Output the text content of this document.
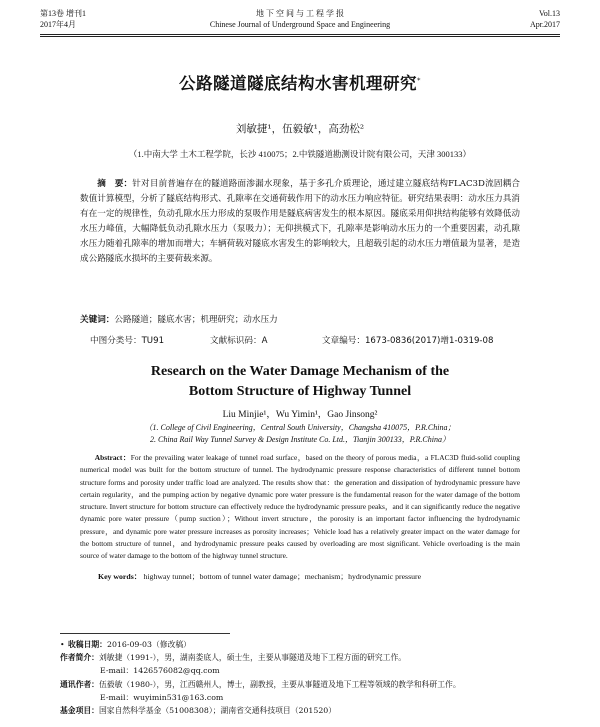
第13卷 增刊1
2017年4月
地 下 空 间 与 工 程 学 报
Chinese Journal of Underground Space and Engineering
Vol.13
Apr.2017
公路隧道隧底结构水害机理研究*
刘敏捷¹，伍毅敏¹，高劲松²
（1.中南大学 土木工程学院，长沙 410075；2.中铁隧道勘测设计院有限公司，天津 300133）
摘　要：针对目前普遍存在的隧道路面渗漏水现象，基于多孔介质理论，通过建立隧底结构FLAC3D流固耦合数值计算模型，分析了隧底结构形式、孔隙率在交通荷载作用下的动水压力响应特征。研究结果表明：动水压力具消有在一定的规律性，负动孔隙水压力形成的泵吸作用是隧底病害发生的根本原因。隧底采用仰拱结构能够有效降低动水压力峰值，大幅降低负动孔隙水压力（泵吸力）；无仰拱模式下，孔隙率是影响动水压力的一个重要因素，动孔隙水压力随着孔隙率的增加而增大；车辆荷载对隧底水害发生的影响较大，且超载引起的动水压力增值最为显著，是造成公路隧底水损坏的主要荷载来源。
关键词：公路隧道；隧底水害；机理研究；动水压力
中图分类号：TU91	文献标识码：A	文章编号：1673-0836(2017)增1-0319-08
Research on the Water Damage Mechanism of the Bottom Structure of Highway Tunnel
Liu Minjie¹，Wu Yimin¹，Gao Jinsong²
（1. College of Civil Engineering，Central South University，Changsha 410075，P.R.China；
2. China Rail Way Tunnel Survey & Design Institute Co. Ltd.，Tianjin 300133，P.R.China）
Abstract：For the prevailing water leakage of tunnel road surface，based on the theory of porous media，a FLAC3D fluid-solid coupling numerical model was built for the bottom structure of tunnel. The hydrodynamic pressure response characteristics of different tunnel bottom structure forms and porosity under traffic load are analyzed. The results show that：the generation and dissipation of hydrodynamic pressure have certain regularity，and the pumping action by negative dynamic pore water pressure is the fundamental reason for the water damage of the bottom structure. Invert structure for bottom structure can effectively reduce the hydrodynamic pressure peaks，and it can significantly reduce the negative dynamic pore water pressure（pump suction）；Without invert structure，the porosity is an important factor influencing the hydrodynamic pressure，and dynamic pore water pressure increases as porosity increases；Vehicle load has a relatively greater impact on the water damage for the bottom structure of tunnel，and hydrodynamic pressure peaks caused by overloading are most significant. Vehicle overloading is the main source of water damage to the bottom of the highway tunnel structure.
Key words： highway tunnel；bottom of tunnel water damage；mechanism；hydrodynamic pressure
• 收稿日期：2016-09-03（修改稿）
作者简介：刘敏捷（1991-），男，湖南娄底人，硕士生，主要从事隧道及地下工程方面的研究工作。
E-mail：1426576082@qq.com
通讯作者：伍毅敏（1980-），男，江西赣州人，博士，副教授，主要从事隧道及地下工程等领域的教学和科研工作。
E-mail：wuyimin531@163.com
基金项目：国家自然科学基金（51008308）；湖南省交通科技项目（201520）
